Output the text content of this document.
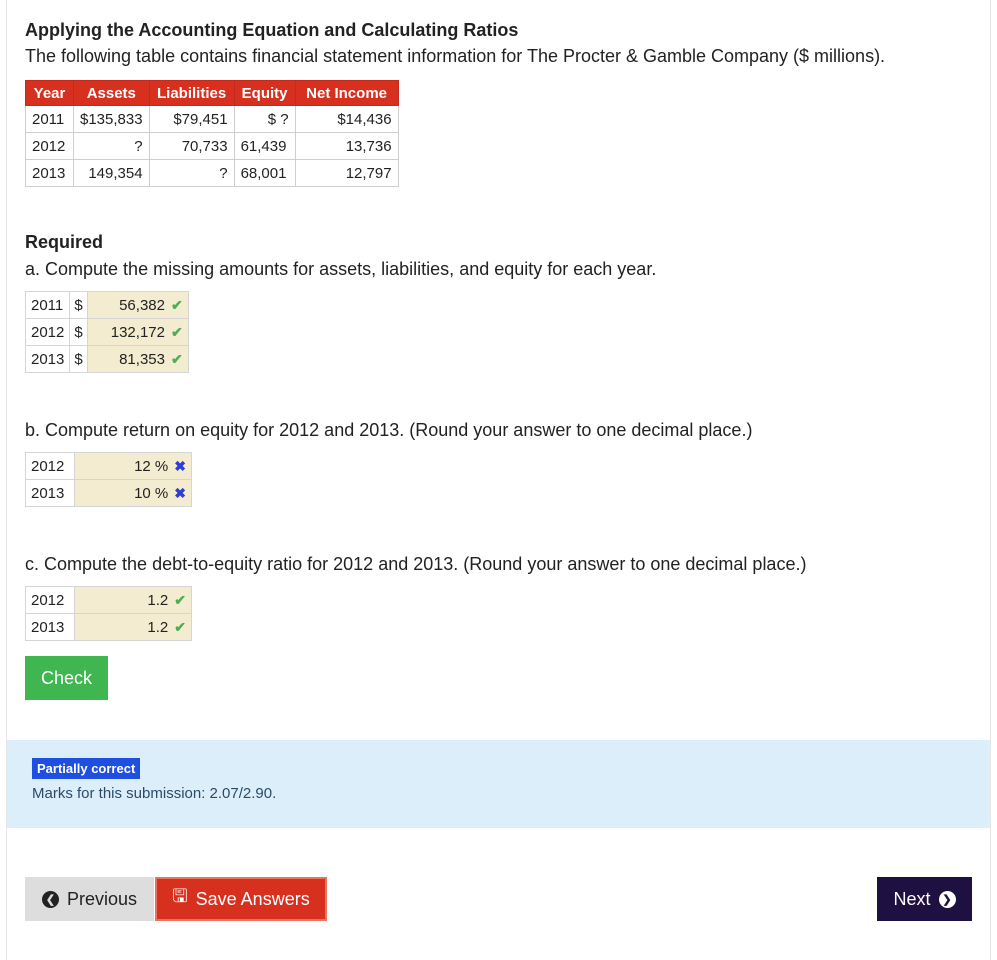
Applying the Accounting Equation and Calculating Ratios
The following table contains financial statement information for The Procter & Gamble Company ($ millions).
Year	Assets	Liabilities	Equity	Net Income
2011	$135,833	$79,451	$ ?	$14,436
2012	?	70,733	61,439	13,736
2013	149,354	?	68,001	12,797
Required
a. Compute the missing amounts for assets, liabilities, and equity for each year.
2011	$	56,382 ✔
2012	$	132,172 ✔
2013	$	81,353 ✔
b. Compute return on equity for 2012 and 2013. (Round your answer to one decimal place.)
2012	12 % ✖
2013	10 % ✖
c. Compute the debt-to-equity ratio for 2012 and 2013. (Round your answer to one decimal place.)
2012	1.2 ✔
2013	1.2 ✔
Check
Partially correct
Marks for this submission: 2.07/2.90.
❮ Previous 🖫 Save Answers	Next	❯
